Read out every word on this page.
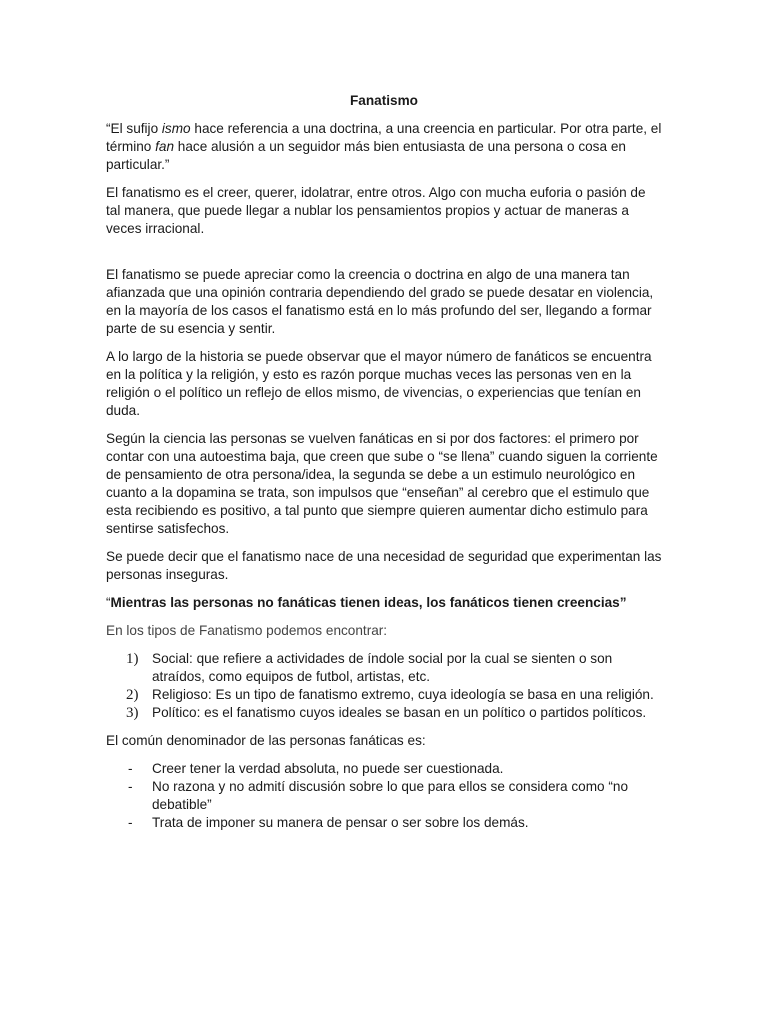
Fanatismo

“El sufijo ismo hace referencia a una doctrina, a una creencia en particular. Por otra parte, el término fan hace alusión a un seguidor más bien entusiasta de una persona o cosa en particular.”

El fanatismo es el creer, querer, idolatrar, entre otros. Algo con mucha euforia o pasión de tal manera, que puede llegar a nublar los pensamientos propios y actuar de maneras a veces irracional.

El fanatismo se puede apreciar como la creencia o doctrina en algo de una manera tan afianzada que una opinión contraria dependiendo del grado se puede desatar en violencia, en la mayoría de los casos el fanatismo está en lo más profundo del ser, llegando a formar parte de su esencia y sentir.

A lo largo de la historia se puede observar que el mayor número de fanáticos se encuentra en la política y la religión, y esto es razón porque muchas veces las personas ven en la religión o el político un reflejo de ellos mismo, de vivencias, o experiencias que tenían en duda.

Según la ciencia las personas se vuelven fanáticas en si por dos factores: el primero por contar con una autoestima baja, que creen que sube o “se llena” cuando siguen la corriente de pensamiento de otra persona/idea, la segunda se debe a un estimulo neurológico en cuanto a la dopamina se trata, son impulsos que “enseñan” al cerebro que el estimulo que esta recibiendo es positivo, a tal punto que siempre quieren aumentar dicho estimulo para sentirse satisfechos.

Se puede decir que el fanatismo nace de una necesidad de seguridad que experimentan las personas inseguras.

“Mientras las personas no fanáticas tienen ideas, los fanáticos tienen creencias”
En los tipos de Fanatismo podemos encontrar:
1) Social: que refiere a actividades de índole social por la cual se sienten o son atraídos, como equipos de futbol, artistas, etc.
2) Religioso: Es un tipo de fanatismo extremo, cuya ideología se basa en una religión.
3) Político: es el fanatismo cuyos ideales se basan en un político o partidos políticos.

El común denominador de las personas fanáticas es:

- Creer tener la verdad absoluta, no puede ser cuestionada.
- No razona y no admití discusión sobre lo que para ellos se considera como “no debatible”
- Trata de imponer su manera de pensar o ser sobre los demás.
